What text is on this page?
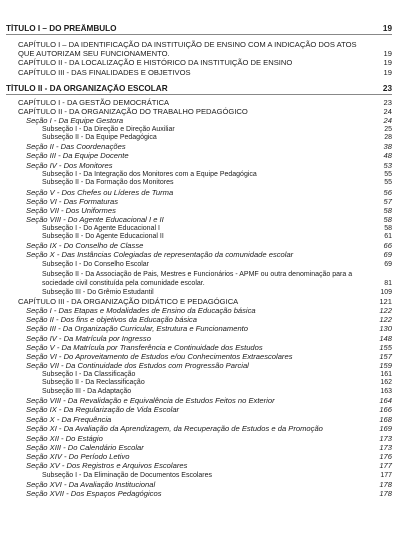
TÍTULO I – DO PREÂMBULO	19
CAPÍTULO I – DA IDENTIFICAÇÃO DA INSTITUIÇÃO DE ENSINO COM A INDICAÇÃO DOS ATOS QUE AUTORIZAM SEU FUNCIONAMENTO.	19
CAPÍTULO II - DA LOCALIZAÇÃO E HISTÓRICO DA INSTITUIÇÃO DE ENSINO	19
CAPÍTULO III - DAS FINALIDADES E OBJETIVOS	19
TÍTULO II - DA ORGANIZAÇÃO ESCOLAR	23
CAPÍTULO I - DA GESTÃO DEMOCRÁTICA	23
CAPÍTULO II - DA ORGANIZAÇÃO DO TRABALHO PEDAGÓGICO	24
Seção I - Da Equipe Gestora	24
Subseção I - Da Direção e Direção Auxiliar	25
Subseção II - Da Equipe Pedagógica	28
Seção II - Das Coordenações	38
Seção III - Da Equipe Docente	48
Seção IV - Dos Monitores	53
Subseção I - Da Integração dos Monitores com a Equipe Pedagógica	55
Subseção II - Da Formação dos Monitores	55
Seção V - Dos Chefes ou Líderes de Turma	56
Seção VI - Das Formaturas	57
Seção VII - Dos Uniformes	58
Seção VIII - Do Agente Educacional I e II	58
Subseção I - Do Agente Educacional I	58
Subseção II - Do Agente Educacional II	61
Seção IX - Do Conselho de Classe	66
Seção X - Das Instâncias Colegiadas de representação da comunidade escolar	69
Subseção I - Do Conselho Escolar	69
Subseção II - Da Associação de Pais, Mestres e Funcionários - APMF ou outra denominação para a sociedade civil constituída pela comunidade escolar.	81
Subseção III - Do Grêmio Estudantil	109
CAPÍTULO III - DA ORGANIZAÇÃO DIDÁTICO E PEDAGÓGICA	121
Seção I - Das Etapas e Modalidades de Ensino da Educação básica	122
Seção II - Dos fins e objetivos da Educação básica	122
Seção III - Da Organização Curricular, Estrutura e Funcionamento	130
Seção IV - Da Matrícula por Ingresso	148
Seção V - Da Matrícula por Transferência e Continuidade dos Estudos	155
Seção VI - Do Aproveitamento de Estudos e/ou Conhecimentos Extraescolares	157
Seção VII - Da Continuidade dos Estudos com Progressão Parcial	159
Subseção I - Da Classificação	161
Subseção II - Da Reclassificação	162
Subseção III - Da Adaptação	163
Seção VIII - Da Revalidação e Equivalência de Estudos Feitos no Exterior	164
Seção IX - Da Regularização de Vida Escolar	166
Seção X - Da Frequência	168
Seção XI - Da Avaliação da Aprendizagem, da Recuperação de Estudos e da Promoção	169
Seção XII - Do Estágio	173
Seção XIII - Do Calendário Escolar	173
Seção XIV - Do Período Letivo	176
Seção XV - Dos Registros e Arquivos Escolares	177
Subseção I - Da Eliminação de Documentos Escolares	177
Seção XVI - Da Avaliação Institucional	178
Seção XVII - Dos Espaços Pedagógicos	178
